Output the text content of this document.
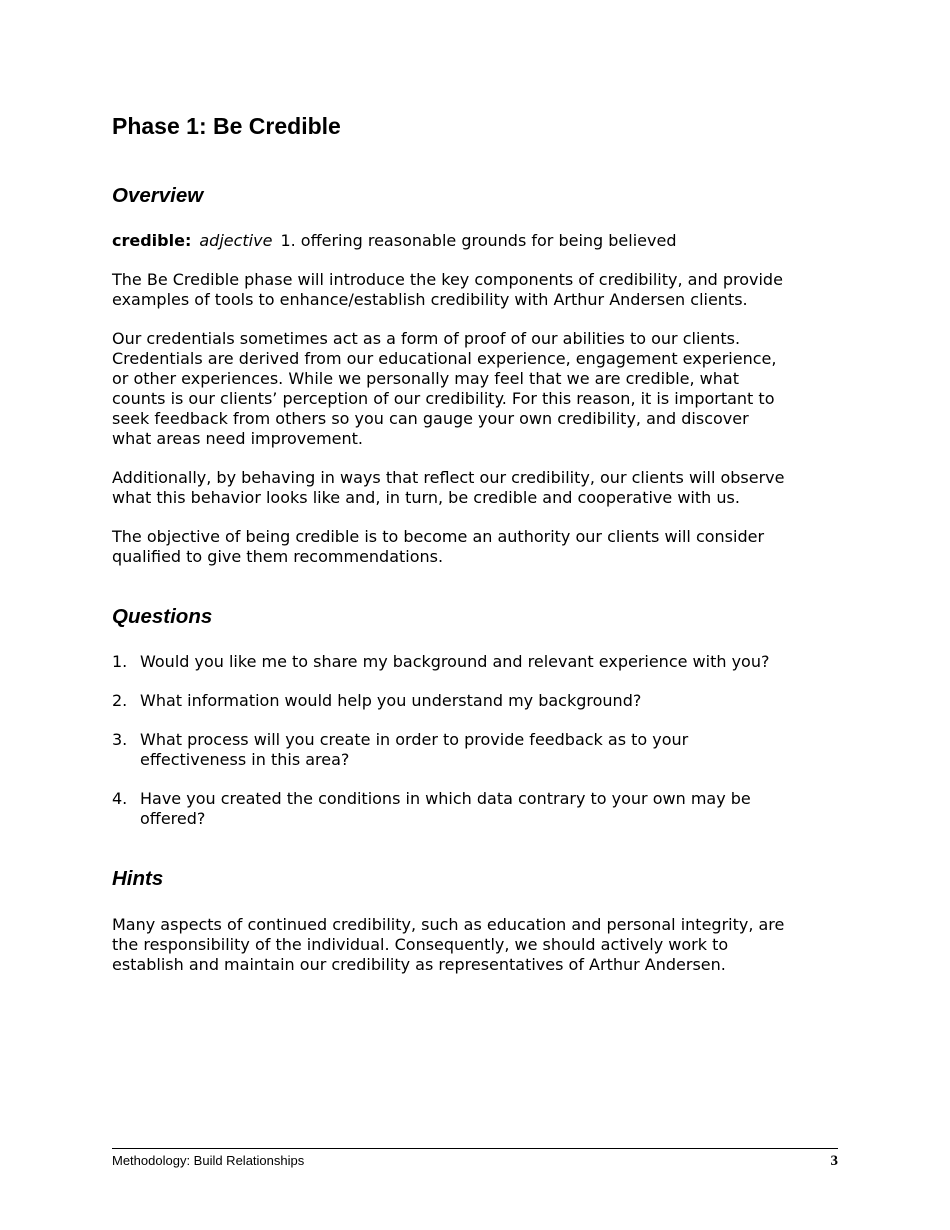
Phase 1: Be Credible
Overview

credible: adjective 1. offering reasonable grounds for being believed

The Be Credible phase will introduce the key components of credibility, and provide
examples of tools to enhance/establish credibility with Arthur Andersen clients.

Our credentials sometimes act as a form of proof of our abilities to our clients.
Credentials are derived from our educational experience, engagement experience,
or other experiences. While we personally may feel that we are credible, what
counts is our clients’ perception of our credibility. For this reason, it is important to
seek feedback from others so you can gauge your own credibility, and discover
what areas need improvement.

Additionally, by behaving in ways that reflect our credibility, our clients will observe
what this behavior looks like and, in turn, be credible and cooperative with us.

The objective of being credible is to become an authority our clients will consider
qualified to give them recommendations.

Questions
1. Would you like me to share my background and relevant experience with you?
2. What information would help you understand my background?
3. What process will you create in order to provide feedback as to your
effectiveness in this area?
4. Have you created the conditions in which data contrary to your own may be
offered?
Hints

Many aspects of continued credibility, such as education and personal integrity, are
the responsibility of the individual. Consequently, we should actively work to
establish and maintain our credibility as representatives of Arthur Andersen.

Methodology: Build Relationships	3
